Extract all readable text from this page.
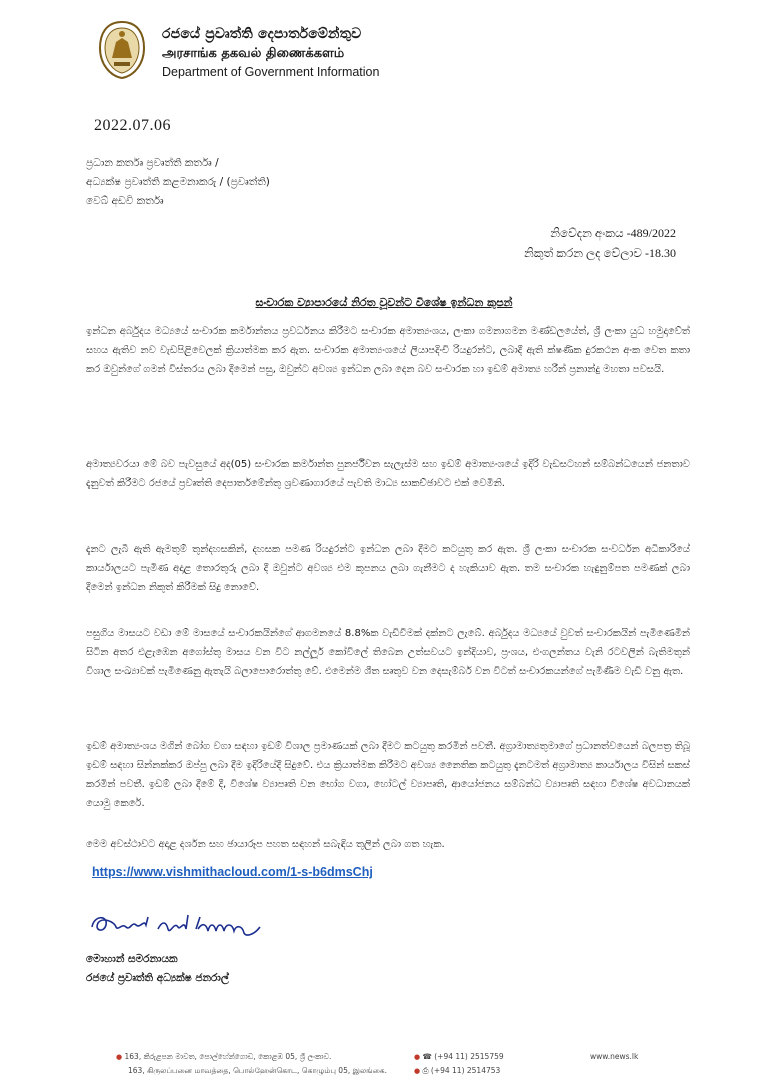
රජයේ ප්‍රවෘත්ති දෙපාර්තමේන්තුව
அரசாங்க தகவல் திணைக்களம்
Department of Government Information
2022.07.06
ප්‍රධාන කර්තෘ ප්‍රවෘත්ති කර්තෘ /
අධ්‍යක්ෂ ප්‍රවෘත්ති කළමනාකරු / (ප්‍රවෘත්ති)
වෙබ් අඩවි කර්තෘ
නිවේදන අංකය -489/2022
නිකුත් කරන ලද වේලාව -18.30
සංචාරක ව්‍යාපාරයේ නිරත වූවන්ට විශේෂ ඉන්ධන කුපන්

ඉන්ධන අර්බුදය මධ්‍යයේ සංචාරක කර්මාන්තය ප්‍රවර්ධනය කිරීමට සංචාරක අමාත්‍යංශය, ලංකා ගමනාගමන මණ්ඩලයේත්, ශ්‍රී ලංකා යුධ හමුදාවේත් සහය ඇතිව නව වැඩපිළිවෙලක් ක්‍රියාත්මක කර ඇත. සංචාරක අමාත්‍යංශයේ ලියාපදිංචි රියදුරන්ට, ලබාදී ඇති ක්ෂණික දුරකථන අංක වෙත කතා කර ඔවුන්ගේ ගමන් විස්තරය ලබා දීමෙන් පසු, ඔවුන්ට අවශ්‍ය ඉන්ධන ලබා දෙන බව සංචාරක හා ඉඩම් අමාත්‍ය හරීන් ප්‍රනාන්දු මහතා පවසයි.

අමාත්‍යවරයා මේ බව පැවසුයේ අද(05) සංචාරක කර්මාන්ත පුනර්ජීවන සැලැස්ම සහ ඉඩම් අමාත්‍යංශයේ ඉදිරි වැඩසටහන් සම්බන්ධයෙන් ජනතාව දැනුවත් කිරීමට රජයේ ප්‍රවෘත්ති දෙපාර්තමේන්තු ශ්‍රවණාගාරයේ පැවති මාධ්‍ය සාකච්ඡාවට එක් වෙමිනි.

දැනට ලැබී ඇති ඇමතුම් තුන්දහසකින්, දහසක පමණ රියදුරන්ට ඉන්ධන ලබා දීමට කටයුතු කර ඇත. ශ්‍රී ලංකා සංචාරක සංවර්ධන අධිකාරියේ කාර්යාලයට පැමිණ අදාළ තොරතුරු ලබා දී ඔවුන්ට අවශ්‍ය එම කුපනය ලබා ගැනීමට ද හැකියාව ඇත. තම සංචාරක හැඳුනුම්පත පමණක් ලබා දීමෙන් ඉන්ධන නිකුත් කිරීමක් සිදු නොවේ.

පසුගිය මාසයට වඩා මේ මාසයේ සංචාරකයින්ගේ ආගමනයේ 8.8%ක වැඩිවීමක් දක්නට ලැබේ. අර්බුදය මධ්‍යයේ වුවත් සංචාරකයින් පැමිණෙමින් සිටින අතර එළැඹෙන අගෝස්තු මාසය වන විට නල්ලූර් කෝවිලේ තිබෙන උත්සවයට ඉන්දියාව, ප්‍රංශය, එංගලන්තය වැනි රටවලින් බැතිමතුන් විශාල සංඛ්‍යාවක් පැමිණෙනු ඇතැයි බලාපොරොත්තු වේ. එමෙන්ම ශීත සෘතුව වන දෙසැම්බර් වන විටත් සංචාරකයන්ගේ පැමිණීම වැඩි වනු ඇත.

ඉඩම් අමාත්‍යංශය මගින් බෝග වගා සඳහා ඉඩම් විශාල ප්‍රමාණයක් ලබා දීමට කටයුතු කරමින් පවතී. අග්‍රාමාත්‍යතුමාගේ ප්‍රධානත්වයෙන් බලපත්‍ර තිබූ ඉඩම් සඳහා සින්නක්කර ඔප්පු ලබා දීම ඉදිරියේදී සිදුවේ. එය ක්‍රියාත්මක කිරීමට අවශ්‍ය නෛතික කටයුතු දැනටමත් අග්‍රාමාත්‍ය කාර්යාලය විසින් සකස් කරමින් පවතී. ඉඩම් ලබා දීමේ දී, විශේෂ ව්‍යාපෘති වන භෝග වගා, හෝටල් ව්‍යාපෘති, ආයෝජනය සම්බන්ධ ව්‍යාපෘති සඳහා විශේෂ අවධානයක් යොමු කෙරේ.

මෙම අවස්ථාවට අදාළ දර්ශන සහ ඡායාරූප පහත සඳහන් සබැඳිය තුලින් ලබා ගත හැක.

https://www.vishmithacloud.com/1-s-b6dmsChj
මොහාන් සමරනායක
රජයේ ප්‍රවෘත්ති අධ්‍යක්ෂ ජනරාල්
● 163, කිරුළපන මාවත, පොල්හේන්ගොඩ, කොළඹ 05, ශ්‍රී ලංකාව.
163, கிருலப்பனை மாவத்தை, பொல்ஹேன்கொட, கொழும்பு 05, இலங்கை.
● ☎ (+94 11) 2515759
● ⎙ (+94 11) 2514753
www.news.lk
